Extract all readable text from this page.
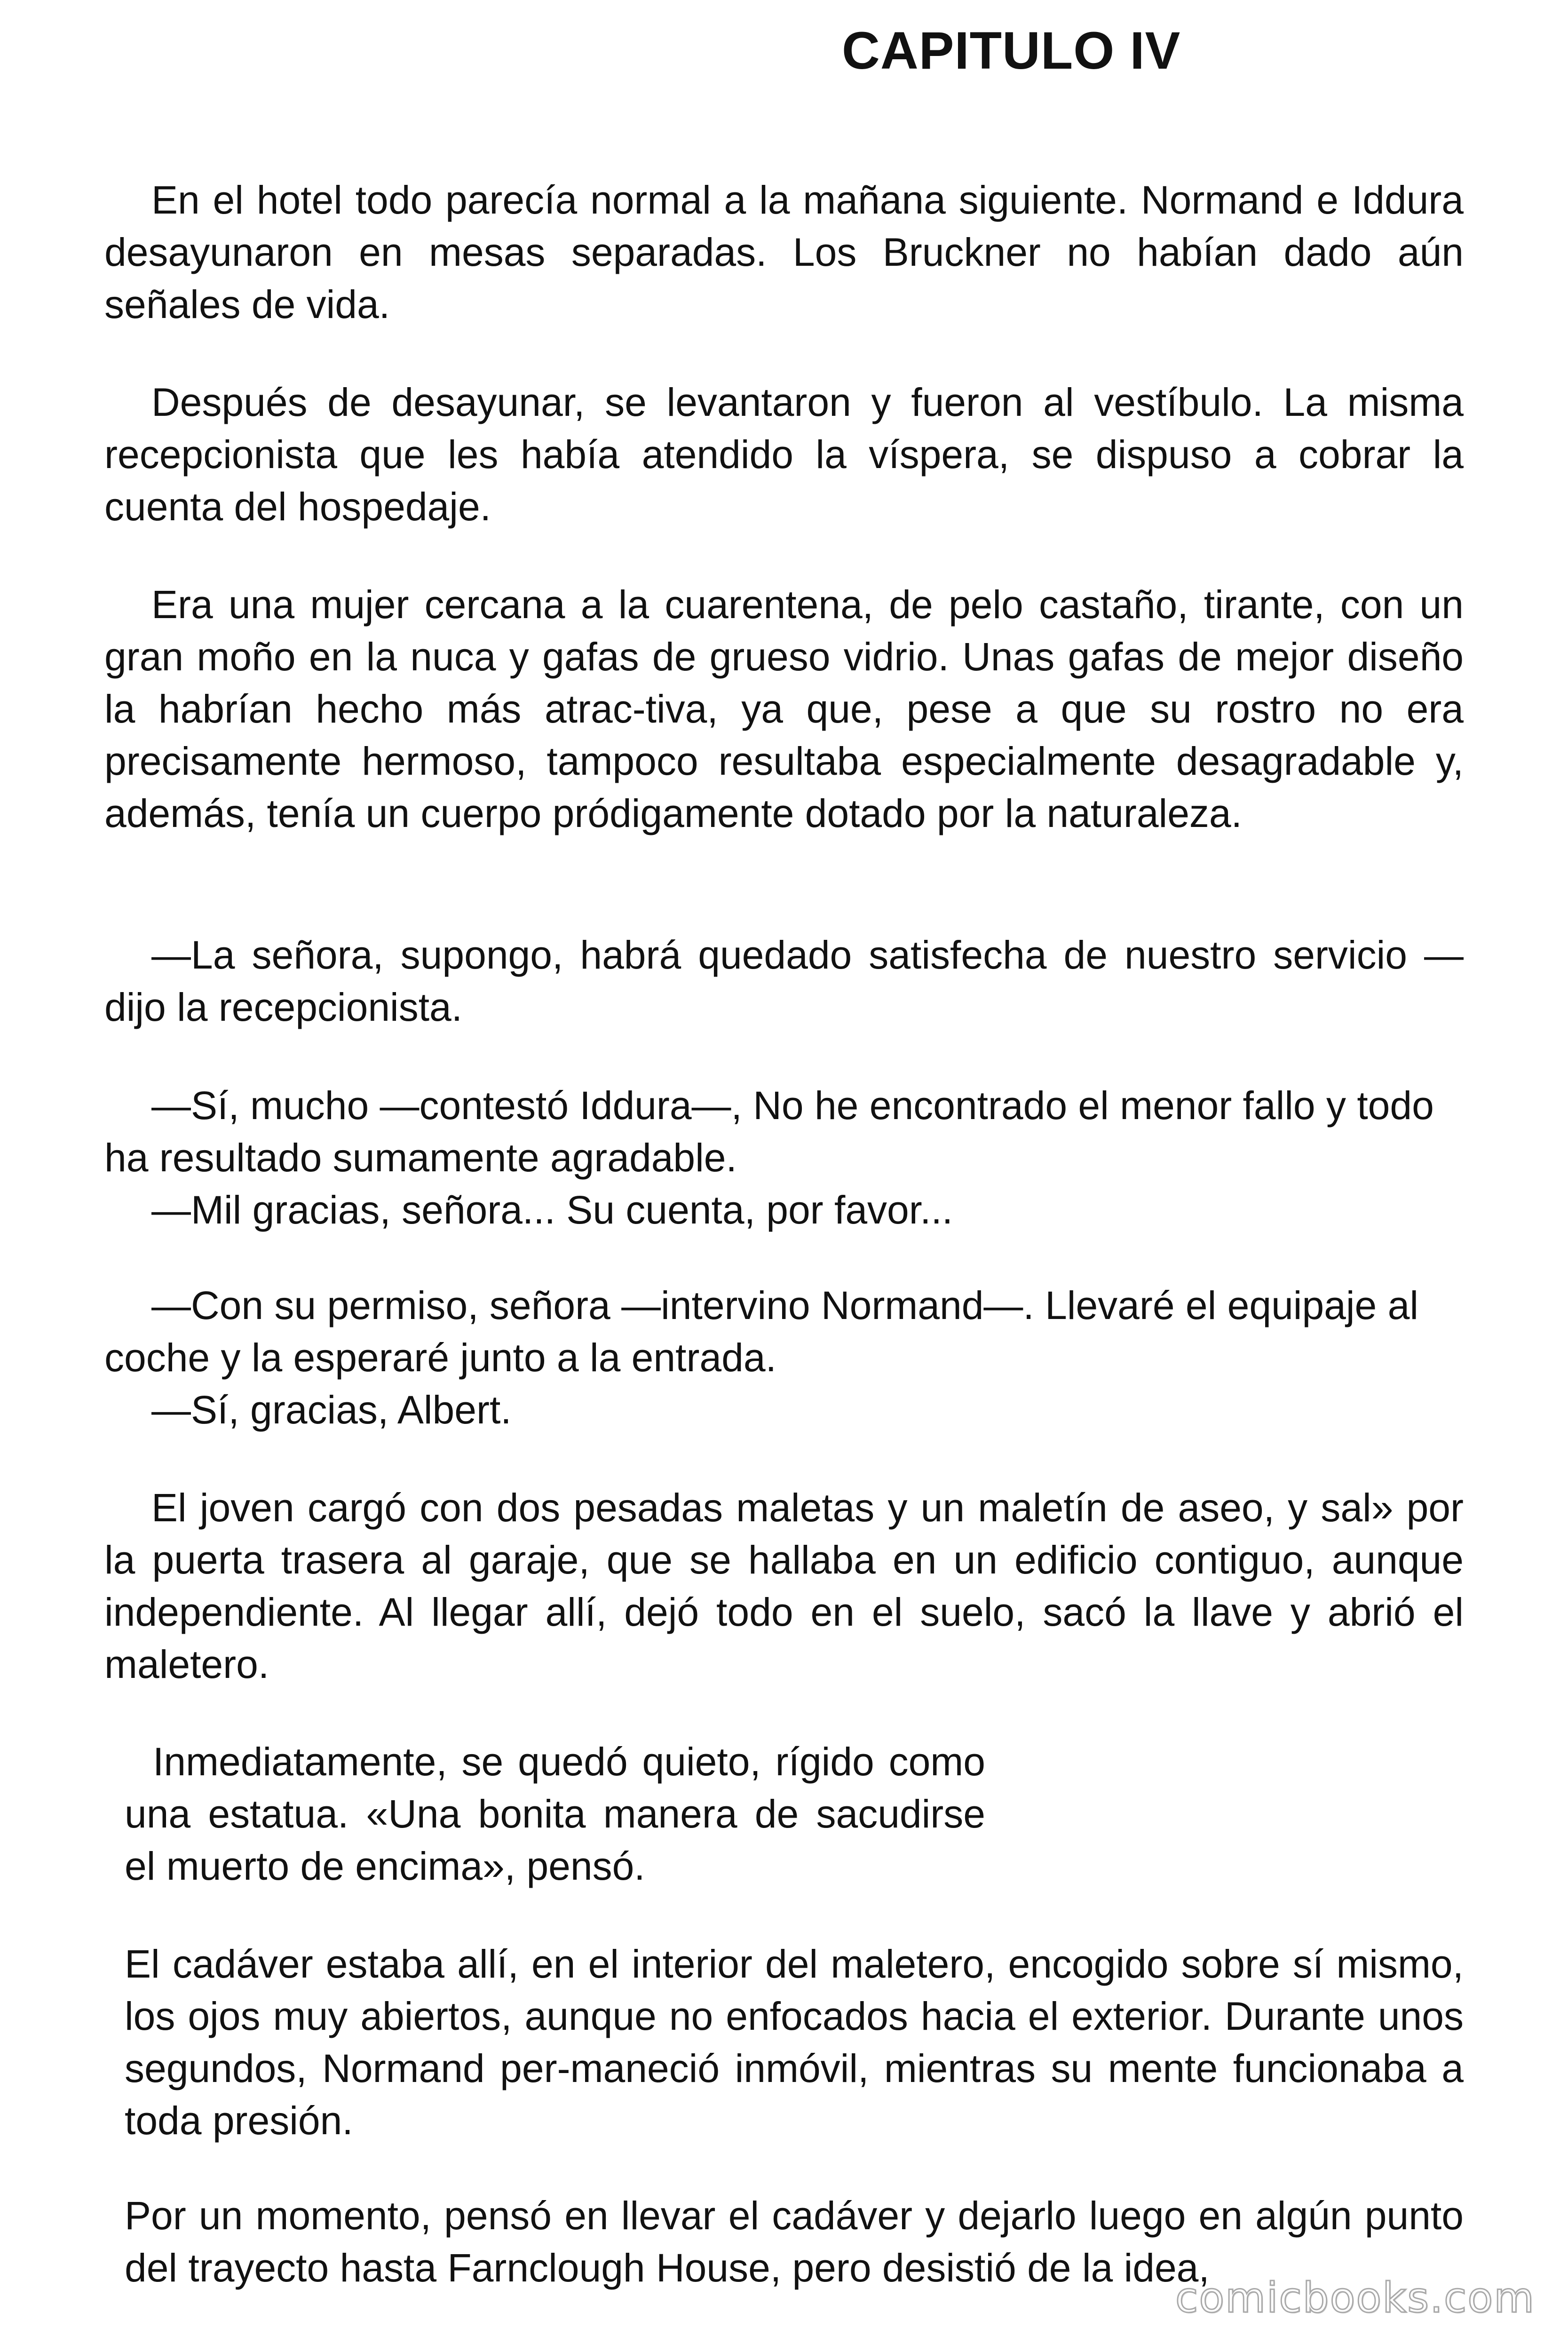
CAPITULO IV

En el hotel todo parecía normal a la mañana siguiente. Normand e Iddura desayunaron en mesas separadas. Los Bruckner no habían dado aún señales de vida.

Después de desayunar, se levantaron y fueron al vestíbulo. La misma recepcionista que les había atendido la víspera, se dispuso a cobrar la cuenta del hospedaje.

Era una mujer cercana a la cuarentena, de pelo castaño, tirante, con un gran moño en la nuca y gafas de grueso vidrio. Unas gafas de mejor diseño la habrían hecho más atrac-tiva, ya que, pese a que su rostro no era precisamente hermoso, tampoco resultaba especialmente desagradable y, además, tenía un cuerpo pródigamente dotado por la naturaleza.

—La señora, supongo, habrá quedado satisfecha de nuestro servicio — dijo la recepcionista.

—Sí, mucho —contestó Iddura—, No he encontrado el menor fallo y todo ha resultado sumamente agradable.
—Mil gracias, señora... Su cuenta, por favor...
—Con su permiso, señora —intervino Normand—. Llevaré el equipaje al coche y la esperaré junto a la entrada.
—Sí, gracias, Albert.

El joven cargó con dos pesadas maletas y un maletín de aseo, y sal» por la puerta trasera al garaje, que se hallaba en un edificio contiguo, aunque independiente. Al llegar allí, dejó todo en el suelo, sacó la llave y abrió el maletero.

Inmediatamente, se quedó quieto, rígido como una estatua. «Una bonita manera de sacudirse el muerto de encima», pensó.

El cadáver estaba allí, en el interior del maletero, encogido sobre sí mismo, los ojos muy abiertos, aunque no enfocados hacia el exterior. Durante unos segundos, Normand per-maneció inmóvil, mientras su mente funcionaba a toda presión.

Por un momento, pensó en llevar el cadáver y dejarlo luego en algún punto del trayecto hasta Farnclough House, pero desistió de la idea,

comicbooks.com
